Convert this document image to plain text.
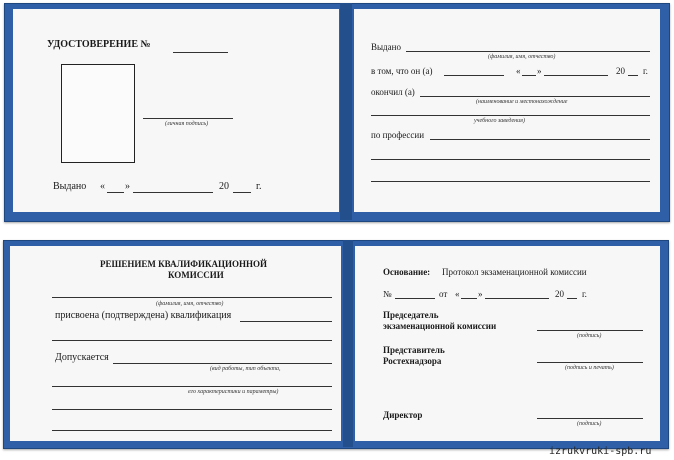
УДОСТОВЕРЕНИЕ №
(личная подпись)
Выдано « »	20	г.
Выдано
(фамилия, имя, отчество)
в том, что он (а)	« »	20 г.
окончил (а)
(наименование и местонахождение
учебного заведения)
по профессии
РЕШЕНИЕМ КВАЛИФИКАЦИОННОЙ
КОМИССИИ
(фамилия, имя, отчество)
присвоена (подтверждена) квалификация
Допускается
(вид работы, тип объекта,
его характеристики и параметры)
Основание: Протокол экзаменационной комиссии
№	от « »	20 г.
Председатель
экзаменационной комиссии
(подпись)
Представитель
Ростехнадзора
(подпись и печать)
Директор
(подпись)
izrukvruki-spb.ru
